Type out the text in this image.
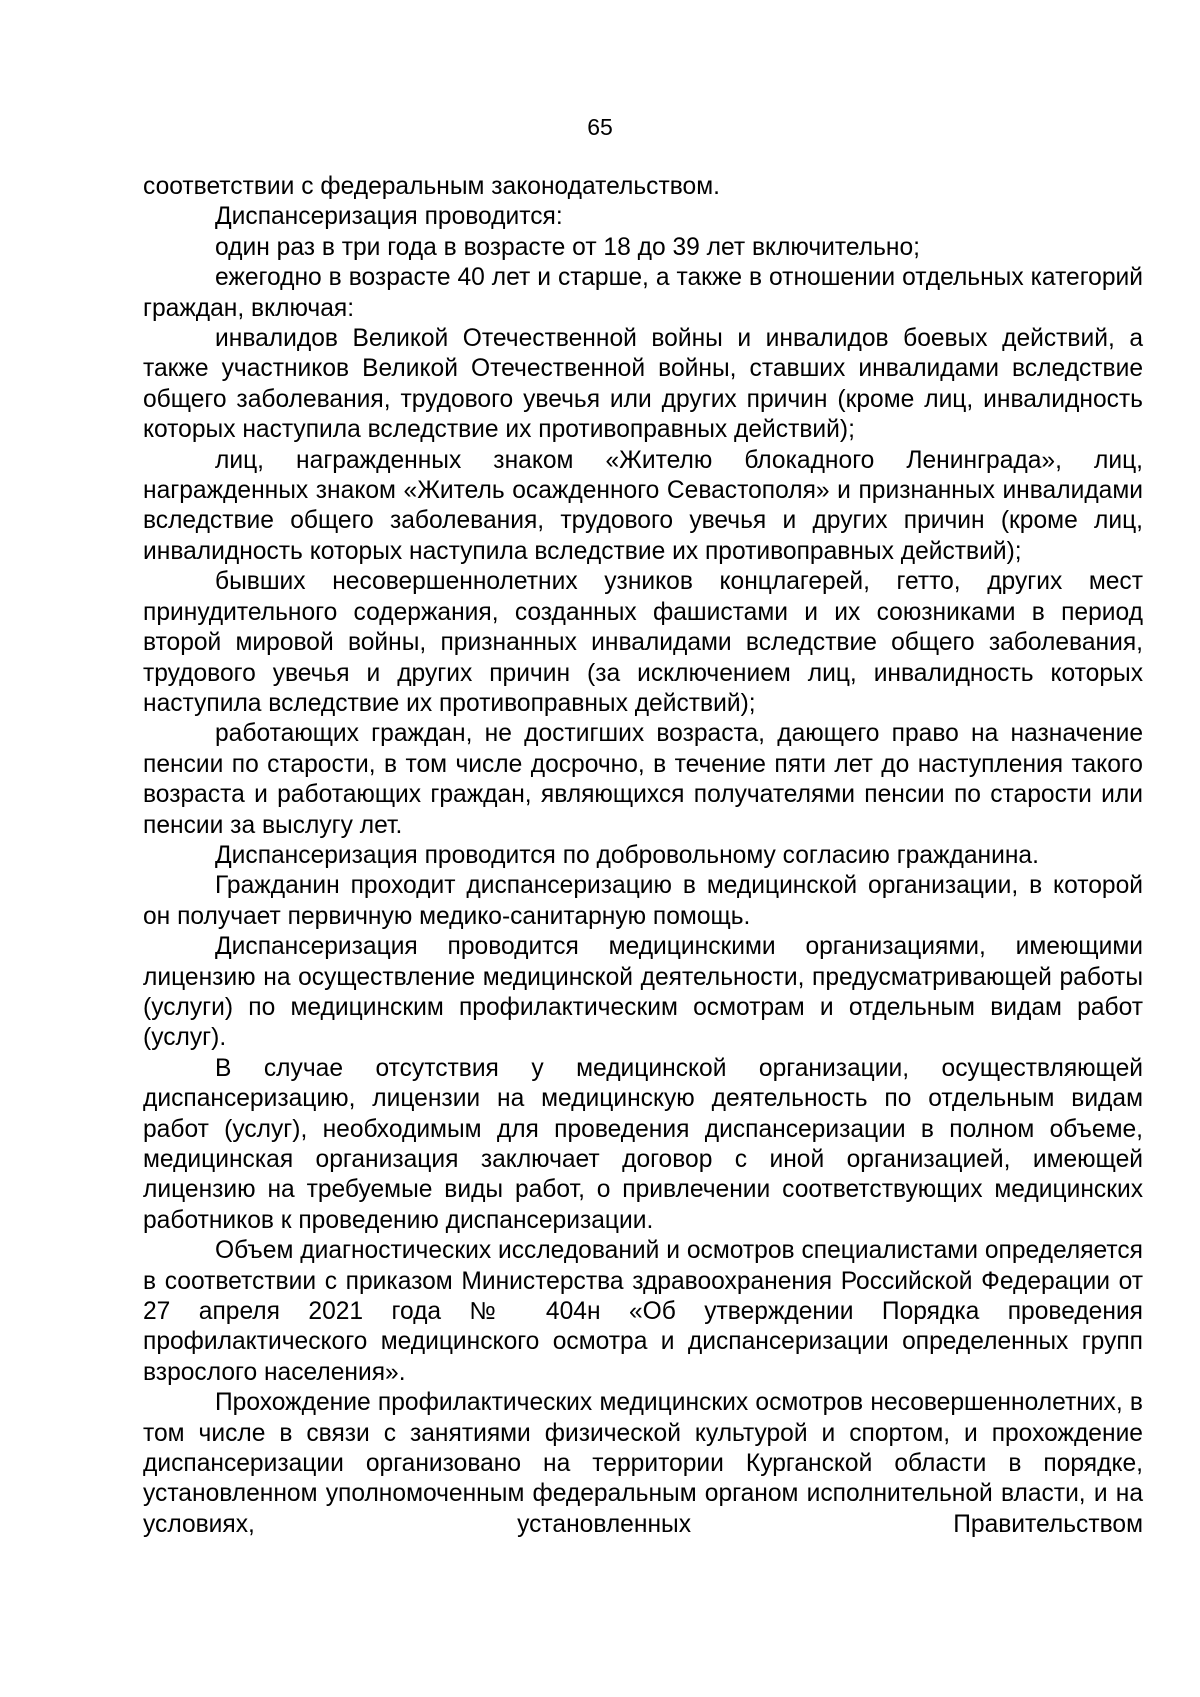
65

соответствии с федеральным законодательством.

Диспансеризация проводится:

один раз в три года в возрасте от 18 до 39 лет включительно;

ежегодно в возрасте 40 лет и старше, а также в отношении отдельных категорий граждан, включая:

инвалидов Великой Отечественной войны и инвалидов боевых действий, а также участников Великой Отечественной войны, ставших инвалидами вследствие общего заболевания, трудового увечья или других причин (кроме лиц, инвалидность которых наступила вследствие их противоправных действий);

лиц, награжденных знаком «Жителю блокадного Ленинграда», лиц, награжденных знаком «Житель осажденного Севастополя» и признанных инвалидами вследствие общего заболевания, трудового увечья и других причин (кроме лиц, инвалидность которых наступила вследствие их противоправных действий);

бывших несовершеннолетних узников концлагерей, гетто, других мест принудительного содержания, созданных фашистами и их союзниками в период второй мировой войны, признанных инвалидами вследствие общего заболевания, трудового увечья и других причин (за исключением лиц, инвалидность которых наступила вследствие их противоправных действий);

работающих граждан, не достигших возраста, дающего право на назначение пенсии по старости, в том числе досрочно, в течение пяти лет до наступления такого возраста и работающих граждан, являющихся получателями пенсии по старости или пенсии за выслугу лет.

Диспансеризация проводится по добровольному согласию гражданина.

Гражданин проходит диспансеризацию в медицинской организации, в которой он получает первичную медико-санитарную помощь.

Диспансеризация проводится медицинскими организациями, имеющими лицензию на осуществление медицинской деятельности, предусматривающей работы (услуги) по медицинским профилактическим осмотрам и отдельным видам работ (услуг).

В случае отсутствия у медицинской организации, осуществляющей диспансеризацию, лицензии на медицинскую деятельность по отдельным видам работ (услуг), необходимым для проведения диспансеризации в полном объеме, медицинская организация заключает договор с иной организацией, имеющей лицензию на требуемые виды работ, о привлечении соответствующих медицинских работников к проведению диспансеризации.

Объем диагностических исследований и осмотров специалистами определяется в соответствии с приказом Министерства здравоохранения Российской Федерации от 27 апреля 2021 года № 404н «Об утверждении Порядка проведения профилактического медицинского осмотра и диспансеризации определенных групп взрослого населения».

Прохождение профилактических медицинских осмотров несовершеннолетних, в том числе в связи с занятиями физической культурой и спортом, и прохождение диспансеризации организовано на территории Курганской области в порядке, установленном уполномоченным федеральным органом исполнительной власти, и на условиях, установленных Правительством
